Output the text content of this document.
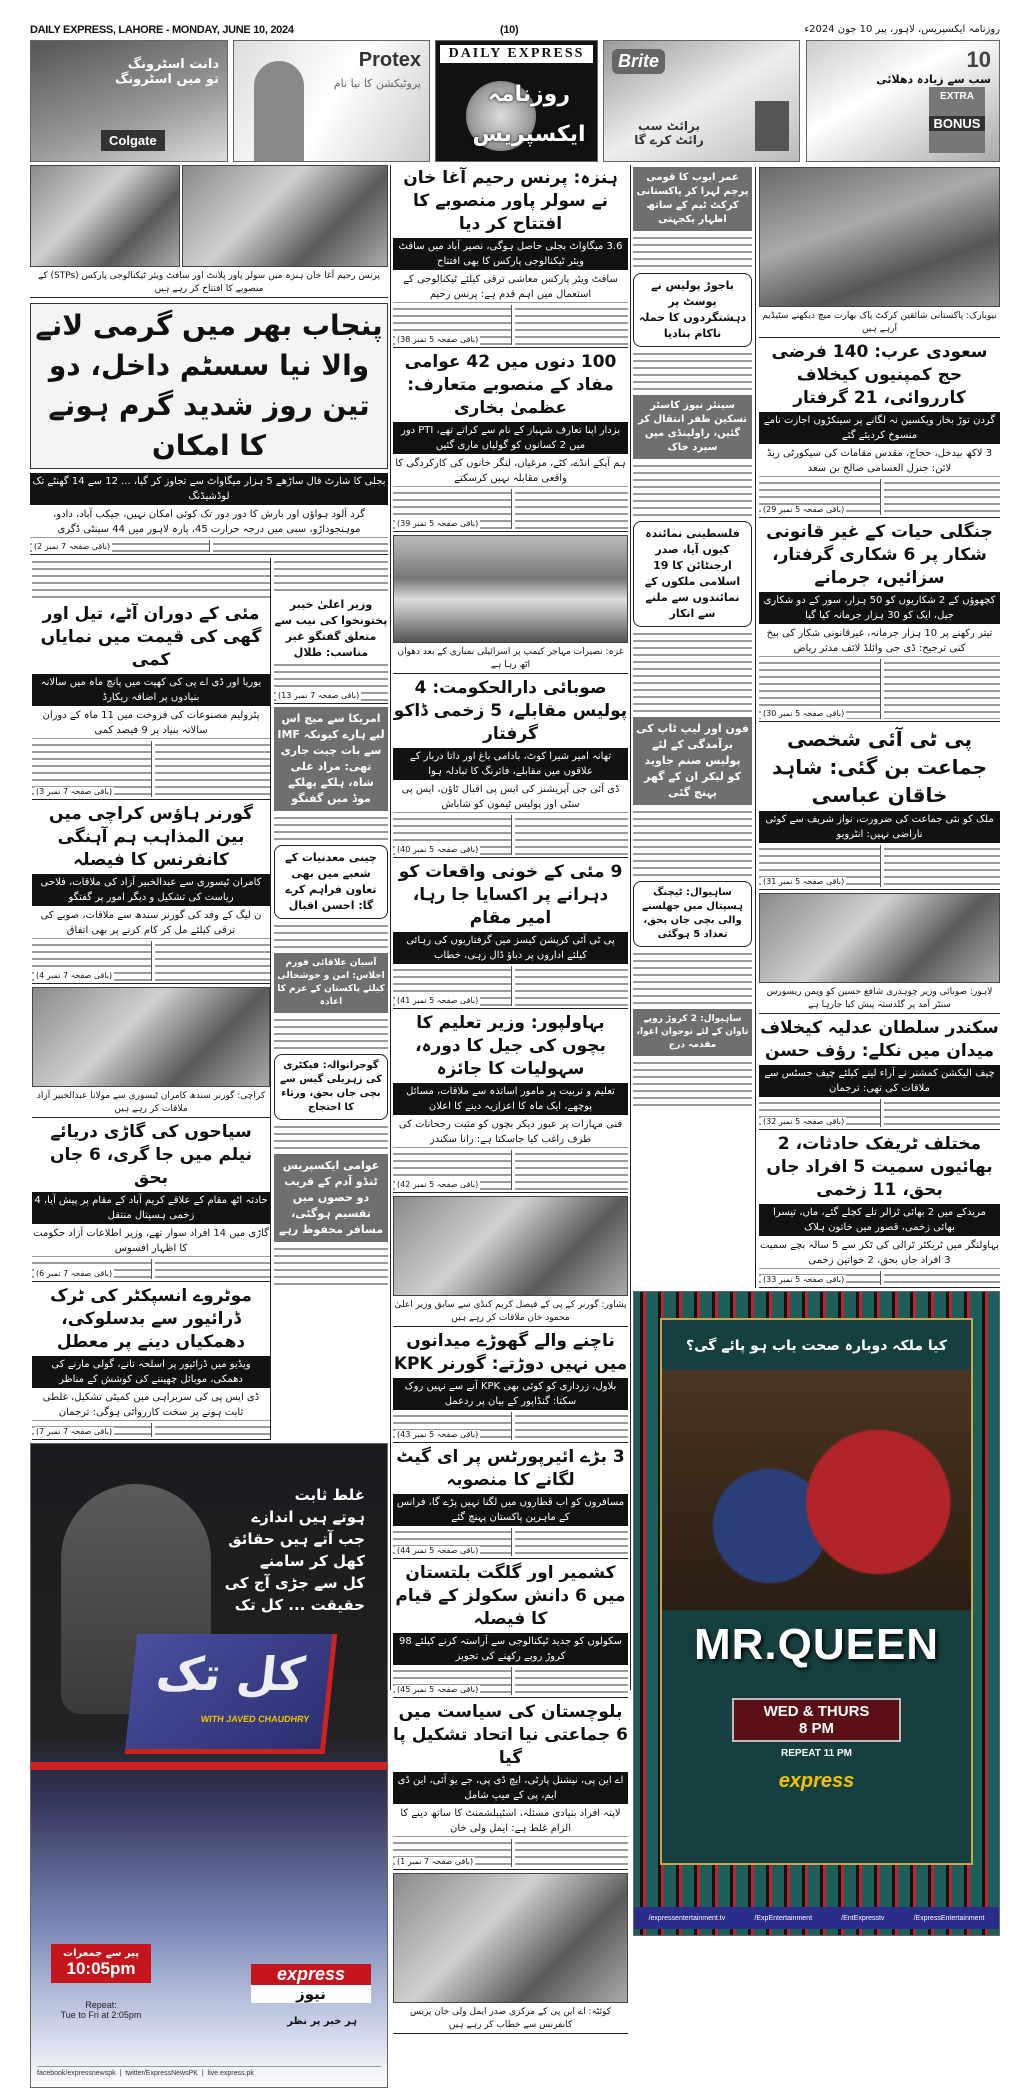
DAILY EXPRESS, LAHORE - MONDAY, JUNE 10, 2024	(10)	روزنامہ ایکسپریس، لاہور، پیر 10 جون 2024ء
دانت اسٹرونگ
تو میں اسٹرونگ
Colgate
Protex
پروٹیکشن کا نیا نام
DAILY EXPRESS
روزنامہ ایکسپریس
Brite
برائٹ سب رائٹ کرے گا
10
سب سے زیادہ دھلائی
EXTRA
BONUS
پرنس رحیم آغا خان ہنزہ میں سولر پاور پلانٹ اور سافٹ ویئر ٹیکنالوجی پارکس (STPs) کے منصوبے کا افتتاح کر رہے ہیں
پنجاب بھر میں گرمی لانے والا نیا سسٹم داخل، دو تین روز شدید گرم ہونے کا امکان
بجلی کا شارٹ فال ساڑھے 5 ہزار میگاواٹ سے تجاوز کر گیا، ... 12 سے 14 گھنٹے تک لوڈشیڈنگ
گرد آلود ہواؤں اور بارش کا دور دور تک کوئی امکان نہیں، جیکب آباد، دادو، موہنجوداڑو، سبی میں درجہ حرارت 45، پارہ لاہور میں 44 سینٹی ڈگری
(باقی صفحہ 7 نمبر 2)
مئی کے دوران آٹے، تیل اور گھی کی قیمت میں نمایاں کمی
یوریا اور ڈی اے پی کی کھپت میں پانچ ماہ میں سالانہ بنیادوں پر اضافہ ریکارڈ
پٹرولیم مصنوعات کی فروخت میں 11 ماہ کے دوران سالانہ بنیاد پر 9 فیصد کمی
(باقی صفحہ 7 نمبر 3)
گورنر ہاؤس کراچی میں بین المذاہب ہم آہنگی کانفرنس کا فیصلہ
کامران ٹیسوری سے عبدالخبیر آزاد کی ملاقات، فلاحی ریاست کی تشکیل و دیگر امور پر گفتگو
ن لیگ کے وفد کی گورنر سندھ سے ملاقات، صوبے کی ترقی کیلئے مل کر کام کرنے پر بھی اتفاق
(باقی صفحہ 7 نمبر 4)
کراچی: گورنر سندھ کامران ٹیسوری سے مولانا عبدالخبیر آزاد ملاقات کر رہے ہیں
سیاحوں کی گاڑی دریائے نیلم میں جا گری، 6 جاں بحق
حادثہ اٹھ مقام کے علاقے کریم آباد کے مقام پر پیش آیا، 4 زخمی ہسپتال منتقل
گاڑی میں 14 افراد سوار تھے، وزیر اطلاعات آزاد حکومت کا اظہار افسوس
(باقی صفحہ 7 نمبر 6)
موٹروے انسپکٹر کی ٹرک ڈرائیور سے بدسلوکی، دھمکیاں دینے پر معطل
ویڈیو میں ڈرائیور پر اسلحہ تانے، گولی مارنے کی دھمکی، موبائل چھیننے کی کوشش کے مناظر
ڈی ایس پی کی سربراہی میں کمیٹی تشکیل، غلطی ثابت ہونے پر سخت کارروائی ہوگی: ترجمان
(باقی صفحہ 7 نمبر 7)
وزیر اعلیٰ خیبر پختونخوا کی نیب سے متعلق گفتگو غیر مناسب: طلال
(باقی صفحہ 7 نمبر 13)
امریکا سے میچ اس لیے ہارے کیونکہ IMF سے بات چیت جاری تھی: مراد علی شاہ، ہلکے پھلکے موڈ میں گفتگو
چینی معدنیات کے شعبے میں بھی تعاون فراہم کرے گا: احسن اقبال
آسیان علاقائی فورم اجلاس: امن و خوشحالی کیلئے پاکستان کے عزم کا اعادہ
گوجرانوالہ: فیکٹری کی زہریلی گیس سے بچی جاں بحق، ورثاء کا احتجاج
عوامی ایکسپریس ٹنڈو آدم کے قریب دو حصوں میں تقسیم ہوگئی، مسافر محفوظ رہے
غلط ثابت
ہوتے ہیں اندازے
جب آتے ہیں حقائق
کھل کر سامنے
کل سے جڑی آج کی
حقیقت ... کل تک
کل تک
WITH JAVED CHAUDHRY
پیر سے جمعرات
10:05pm
Repeat:
Tue to Fri at 2:05pm
express
نیوز
ہر خبر پر نظر
facebook/expressnewspk  |  twitter/ExpressNewsPK  |  live.express.pk
ہنزہ: پرنس رحیم آغا خان نے سولر پاور منصوبے کا افتتاح کر دیا
3.6 میگاواٹ بجلی حاصل ہوگی، نصیر آباد میں سافٹ ویئر ٹیکنالوجی پارکس کا بھی افتتاح
سافٹ ویئر پارکس معاشی ترقی کیلئے ٹیکنالوجی کے استعمال میں اہم قدم ہے: پرنس رحیم
(باقی صفحہ 5 نمبر 38)
100 دنوں میں 42 عوامی مفاد کے منصوبے متعارف: عظمیٰ بخاری
بزدار اپنا تعارف شہباز کے نام سے کراتے تھے، PTI دور میں 2 کسانوں کو گولیاں ماری گئیں
ہم آپکے انڈے، کٹے، مرغیاں، لنگر خانوں کی کارکردگی کا واقعی مقابلہ نہیں کرسکتے
(باقی صفحہ 5 نمبر 39)
غزہ: نصیرات مہاجر کیمپ پر اسرائیلی بمباری کے بعد دھواں اٹھ رہا ہے
صوبائی دارالحکومت: 4 پولیس مقابلے، 5 زخمی ڈاکو گرفتار
تھانہ امیر شیرا کوٹ، بادامی باغ اور داتا دربار کے علاقوں میں مقابلے، فائرنگ کا تبادلہ ہوا
ڈی آئی جی آپریشنز کی ایس پی اقبال ٹاؤن، ایس پی سٹی اور پولیس ٹیموں کو شاباش
(باقی صفحہ 5 نمبر 40)
9 مئی کے خونی واقعات کو دہرانے پر اکسایا جا رہا، امیر مقام
پی ٹی آئی کرپشن کیسز میں گرفتاریوں کی رہائی کیلئے اداروں پر دباؤ ڈال رہی، خطاب
(باقی صفحہ 5 نمبر 41)
بہاولپور: وزیر تعلیم کا بچوں کی جیل کا دورہ، سہولیات کا جائزہ
تعلیم و تربیت پر مامور اساتذہ سے ملاقات، مسائل پوچھے، ایک ماہ کا اعزازیہ دینے کا اعلان
فنی مہارات پر عبور دیکر بچوں کو مثبت رجحانات کی طرف راغب کیا جاسکتا ہے: رانا سکندر
(باقی صفحہ 5 نمبر 42)
پشاور: گورنر کے پی کے فیصل کریم کنڈی سے سابق وزیر اعلیٰ محمود خان ملاقات کر رہے ہیں
ناچنے والے گھوڑے میدانوں میں نہیں دوڑتے: گورنر KPK
بلاول، زرداری کو کوئی بھی KPK آنے سے نہیں روک سکتا: گنڈاپور کے بیان پر ردعمل
(باقی صفحہ 5 نمبر 43)
3 بڑے ائیرپورٹس پر ای گیٹ لگانے کا منصوبہ
مسافروں کو اب قطاروں میں لگنا نہیں پڑے گا، فرانس کے ماہرین پاکستان پہنچ گئے
(باقی صفحہ 5 نمبر 44)
کشمیر اور گلگت بلتستان میں 6 دانش سکولز کے قیام کا فیصلہ
سکولوں کو جدید ٹیکنالوجی سے آراستہ کرنے کیلئے 98 کروڑ روپے رکھنے کی تجویز
(باقی صفحہ 5 نمبر 45)
بلوچستان کی سیاست میں 6 جماعتی نیا اتحاد تشکیل پا گیا
اے این پی، نیشنل پارٹی، ایچ ڈی پی، جے یو آئی، این ڈی ایم، پی کے میپ شامل
لاپتہ افراد بنیادی مسئلہ، اسٹیبلشمنٹ کا ساتھ دینے کا الزام غلط ہے: ایمل ولی خان
(باقی صفحہ 7 نمبر 1)
کوئٹہ: اے این پی کے مرکزی صدر ایمل ولی خان پریس کانفرنس سے خطاب کر رہے ہیں
عمر ایوب کا قومی پرچم لہرا کر پاکستانی کرکٹ ٹیم کے ساتھ اظہار یکجہتی
باجوڑ پولیس نے پوسٹ پر دہشتگردوں کا حملہ ناکام بنادیا
سینئر نیوز کاسٹر تسکین ظفر انتقال کر گئیں، راولپنڈی میں سپرد خاک
فلسطینی نمائندہ کیوں آیا، صدر ارجنٹائن کا 19 اسلامی ملکوں کے نمائندوں سے ملنے سے انکار
فون اور لیپ ٹاپ کی برآمدگی کے لئے پولیس صنم جاوید کو لیکر ان کے گھر پہنچ گئی
ساہیوال: ٹیچنگ ہسپتال میں جھلسنے والی بچی جاں بحق، تعداد 5 ہوگئی
ساہیوال: 2 کروڑ روپے تاوان کے لئے نوجوان اغوا، مقدمہ درج
نیویارک: پاکستانی شائقین کرکٹ پاک بھارت میچ دیکھنے سٹیڈیم آرہے ہیں
سعودی عرب: 140 فرضی حج کمپنیوں کیخلاف کارروائی، 21 گرفتار
گردن توڑ بخار ویکسین نہ لگانے پر سینکڑوں اجازت نامے منسوخ کردیئے گئے
3 لاکھ بیدخل، حجاج، مقدس مقامات کی سیکورٹی ریڈ لائن: جنرل العسامی صالح بن سعد
(باقی صفحہ 5 نمبر 29)
جنگلی حیات کے غیر قانونی شکار پر 6 شکاری گرفتار، سزائیں، جرمانے
کچھوؤں کے 2 شکاریوں کو 50 ہزار، سور کے دو شکاری جیل، ایک کو 30 ہزار جرمانہ کیا گیا
تیتر رکھنے پر 10 ہزار جرمانہ، غیرقانونی شکار کی بیخ کنی ترجیح: ڈی جی وائلڈ لائف مدثر ریاض
(باقی صفحہ 5 نمبر 30)
پی ٹی آئی شخصی جماعت بن گئی: شاہد خاقان عباسی
ملک کو نئی جماعت کی ضرورت، نواز شریف سے کوئی ناراضی نہیں: انٹرویو
(باقی صفحہ 5 نمبر 31)
لاہور: صوبائی وزیر چوہدری شافع حسین کو ویمن ریسورس سنٹر آمد پر گلدستہ پیش کیا جارہا ہے
سکندر سلطان عدلیہ کیخلاف میدان میں نکلے: رؤف حسن
چیف الیکشن کمشنر نے آراء لینے کیلئے چیف جسٹس سے ملاقات کی تھی: ترجمان
(باقی صفحہ 5 نمبر 32)
مختلف ٹریفک حادثات، 2 بھائیوں سمیت 5 افراد جاں بحق، 11 زخمی
مریدکے میں 2 بھائی ٹرالر تلے کچلے گئے، ماں، تیسرا بھائی زخمی، قصور میں خاتون ہلاک
بہاولنگر میں ٹریکٹر ٹرالی کی ٹکر سے 5 سالہ بچے سمیت 3 افراد جاں بحق، 2 خواتین زخمی
(باقی صفحہ 5 نمبر 33)
کیا ملکہ دوبارہ صحت یاب ہو پائے گی؟
MR.QUEEN
WED & THURS
8 PM
REPEAT 11 PM
express
/expressentertainment.tv	/ExpEntertainment	/EntExpresstv	/ExpressEntertainment
